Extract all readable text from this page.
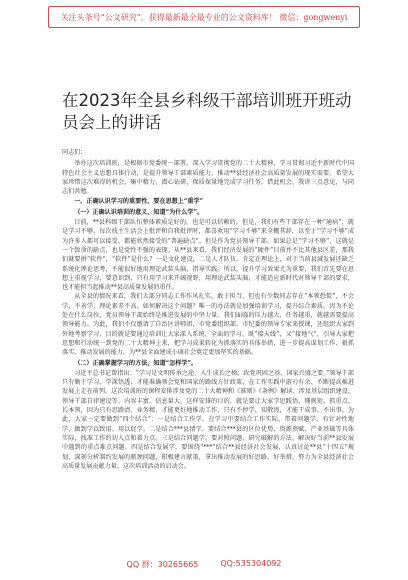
关注头条号“公文研究”，获得最新最全最专业的公文资料库！ 微信：gongwenyi
在2023年全县乡科级干部培训班开班动员会上的讲话

同志们：

举办这次培训班，是根据市党委统一部署，深入学习贯彻党的二十大精神，学习贯彻习近平新时代中国特色社会主义思想具体行动，是提升领导干部素质能力，推动**县经济社会高质量发展的现实需要。希望大家珍惜这次难得的机会，集中精力，潜心钻研，保质保量地完成学习任务。借此机会，我讲三点意见，与同志们共勉。

一、正确认识学习的重要性，要在思想上“重学”

（一）正确认识培训的意义，知道“为什么学”。

目前，**县科级干部队伍整体素质是好的，也是可以信赖的。但是，我们有些干部存在一种“通病”，就是学习不够。每次找主生活会上批评和自我批评时，都喜欢用“学习不够”来全概其辞，以至于“学习不够”成为许多人都可以接受、都能欣然接受的“普遍缺点”。但是作为党员领导干部，如果总是“学习不够”，这就是一个致命的缺点，也是党性不强的表现。从**县来看，我们经济发展的“硬件”目前并不比其他县区差，那我们就要拼“软件”，“软件”是什么？一是文化建设，二是人才队伍。肯定在理论上，对于当前县域发展还缺乏系统化理论思考，不能很好地用理论武装头脑、指导实践。所以，提升学习效果尤为重要，我们首先要在思想上重视学习，要意识到，只有用学习来开阔视野，用理论武装头脑，才能适应新时代对领导干部的要求，也才能担当起推动**县高质量发展的重任。

从全县的情况来看，我们大部分同志工作作风扎实、敢于担当，但也有少数同志存在“本领恐慌”，不会学、不善学，理论素养不高。如何解决这个问题？唯一的办法就是加强培训学习，提升综合素质。因为不论处在什么岗位，党员领导干部始终是推进发展的中坚力量。我们面临的压力越大、任务越重，就越需要提高领导能力。为此，我们不仅邀请了自治区讲师团、市党委组织部，市纪委的领导专家来授课，还组织大家到外地考察学习，目的就是要通过培训让大家深入系统、全面的学习，既“接天线”，又“接地气”，引导大家把思想和行动统一到党的二十大精神上来，把学习成果转化为抓落实的具体举措，进一步提高谋划工作、狠抓落实、推动发展的能力，为**县全面建成小康社会奠定更加坚实的基础。

（二）正确掌握学习的方法，知道“怎样学”。

习近平总书记曾指出：“学习是文明传承之途、人生成长之梯、政党巩固之基、国家兴盛之要。”领导干部只有勤于学习、学深悟透，才能准确领会党和国家的路线方针政策，在工作实践中游刃有余、不断提高推进发展上走在前列。这次培训班的课程安排涉及党的二十大精神和《准则》《条例》解读、涉及基层组织建设、领导干部自律建设等，内容丰富、信息量大，这样安排的目的，就是要让大家学思践悟、懂规矩、抓重点、长本领，因为只有思路清、业务精，才能更好地推动工作，只有不停学、知敬畏，才能干成事、不出事。为此，大家一定要做到“四个结合”：一是结合工作学。在学习中要结合工作实际，带着问题学、有针对性地学，做到学以致用、用以促学。二是结合***县情学，要结合***县的区位优势、资源禀赋、产业基础等具体实际，找准工作的切入点和着力点。三是结合问题学。要对照问题，研究破解的方法，解决好当前**县发展中遇到的重点难点问题。四是结合发展学，要围绕“***”结合**县经济社会发展，认真讨论**县“十四五”规划，深刻分析制约发展的瓶颈问题，积极建言献策，拿出推动发展的好思路、好举措，努力为全县经济社会高质量发展贡献力量。这次培训活动的启动会。

QQ 群：30265665	QQ:535304092
